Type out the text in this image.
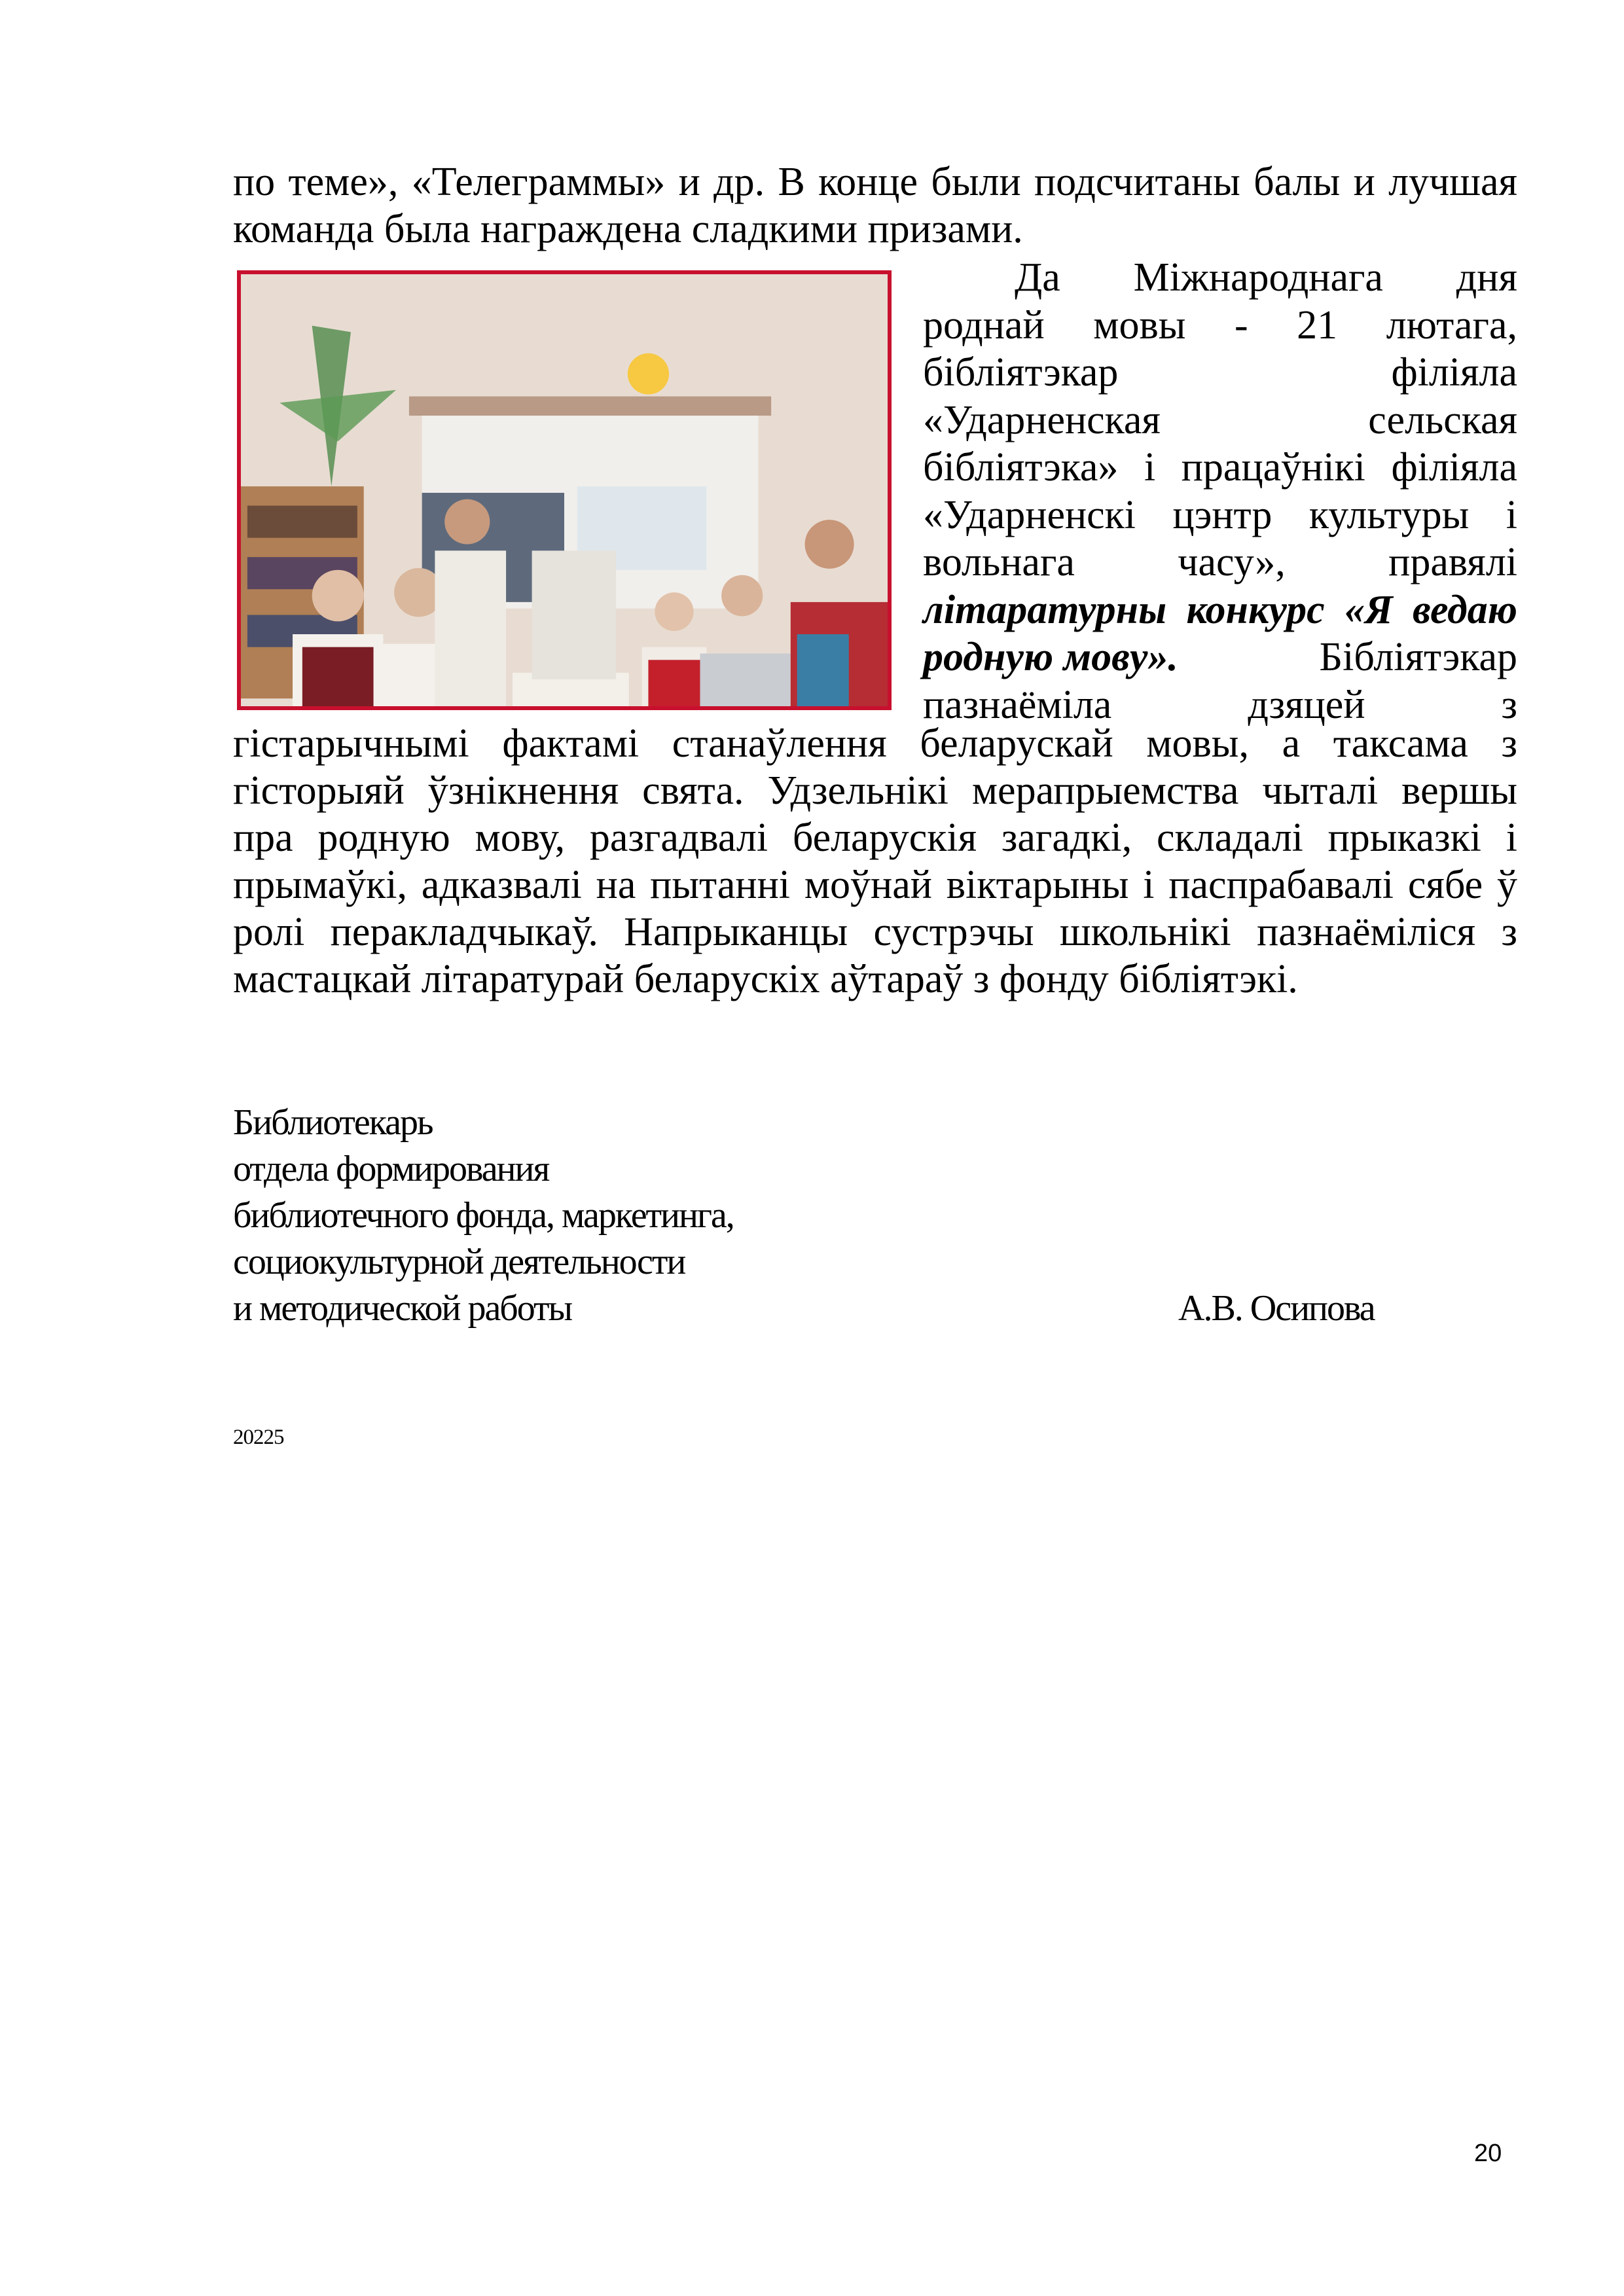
по теме», «Телеграммы» и др. В конце были подсчитаны балы и лучшая
команда была награждена сладкими призами.
Да Міжнароднага дня
роднай мовы - 21 лютага,
бібліятэкар філіяла
«Ударненская сельская
бібліятэка» і працаўнікі філіяла
«Ударненскі цэнтр культуры і
вольнага часу», правялі
літаратурны конкурс «Я ведаю
родную мову».	Бібліятэкар
пазнаёміла дзяцей з
гістарычнымі фактамі станаўлення беларускай мовы, а таксама з
гісторыяй ўзнікнення свята. Удзельнікі мерапрыемства чыталі вершы
пра родную мову, разгадвалі беларускія загадкі, складалі прыказкі і
прымаўкі, адказвалі на пытанні моўнай віктарыны і паспрабавалі сябе ў
ролі перакладчыкаў. Напрыканцы сустрэчы школьнікі пазнаёміліся з
мастацкай літаратурай беларускіх аўтараў з фонду бібліятэкі.
Библиотекарь
отдела формирования
библиотечного фонда, маркетинга,
социокультурной деятельности
и методической работы	А.В. Осипова
20225
20
